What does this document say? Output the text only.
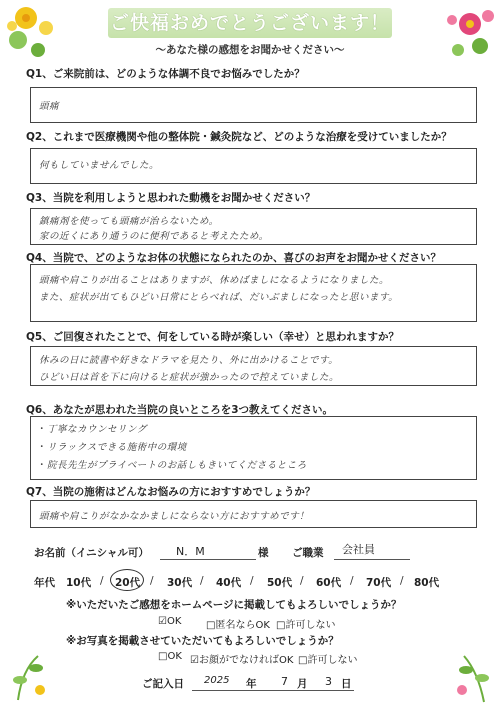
ご快福おめでとうございます！
〜あなた様の感想をお聞かせください〜
Q1、ご来院前は、どのような体調不良でお悩みでしたか？
頭痛
Q2、これまで医療機関や他の整体院・鍼灸院など、どのような治療を受けていましたか？
何もしていませんでした。
Q3、当院を利用しようと思われた動機をお聞かせください？
鎮痛剤を使っても頭痛が治らないため。
家の近くにあり通うのに便利であると考えたため。
Q4、当院で、どのようなお体の状態になられたのか、喜びのお声をお聞かせください？
頭痛や肩こりが出ることはありますが、休めばましになるようになりました。
また、症状が出てもひどい日常にとらべれば、だいぶましになったと思います。
Q5、ご回復されたことで、何をしている時が楽しい（幸せ）と思われますか？
休みの日に読書や好きなドラマを見たり、外に出かけることです。
ひどい日は首を下に向けると症状が強かったので控えていました。
Q6、あなたが思われた当院の良いところを3つ教えてください。
・ 丁寧なカウンセリング
・ リラックスできる施術中の環境
・ 院長先生がプライベートのお話しもきいてくださるところ
Q7、当院の施術はどんなお悩みの方におすすめでしょうか？
頭痛や肩こりがなかなかましにならない方におすすめです！
お名前（イニシャル可） N．M	様 ご職業 会社員
年代 10代 / 20代 / 30代 / 40代 / 50代 / 60代 / 70代 / 80代
※いただいたご感想をホームページに掲載してもよろしいでしょうか？
☑OK □匿名ならOK □許可しない
※お写真を掲載させていただいてもよろしいでしょうか？
□OK ☑お顔がでなければOK □許可しない
ご記入日 2025 年 7 月 3 日
